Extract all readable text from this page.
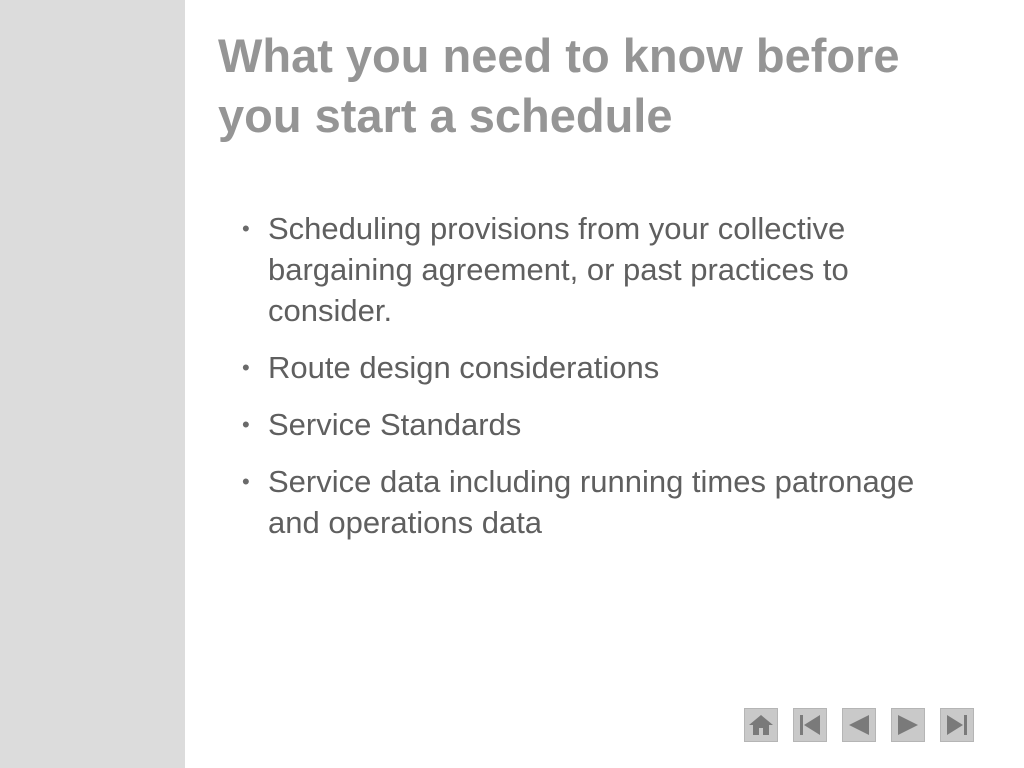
What you need to know before
you start a schedule
• Scheduling provisions from your collective bargaining agreement, or past practices to consider.
• Route design considerations
• Service Standards
• Service data including running times patronage and operations data
